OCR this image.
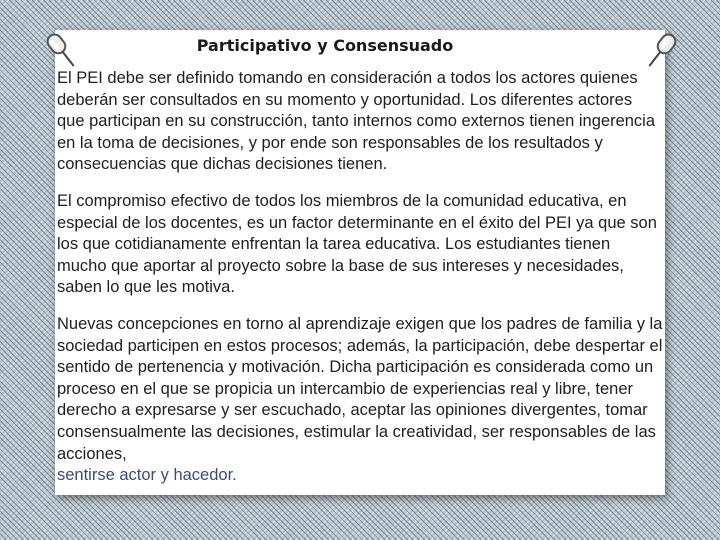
Participativo y Consensuado

El PEI debe ser definido tomando en consideración a todos los actores quienes deberán ser consultados en su momento y oportunidad. Los diferentes actores que participan en su construcción, tanto internos como externos tienen ingerencia en la toma de decisiones, y por ende son responsables de los resultados y consecuencias que dichas decisiones tienen.

El compromiso efectivo de todos los miembros de la comunidad educativa, en especial de los docentes, es un factor determinante en el éxito del PEI ya que son los que cotidianamente enfrentan la tarea educativa. Los estudiantes tienen mucho que aportar al proyecto sobre la base de sus intereses y necesidades, saben lo que les motiva.

Nuevas concepciones en torno al aprendizaje exigen que los padres de familia y la sociedad participen en estos procesos; además, la participación, debe despertar el sentido de pertenencia y motivación. Dicha participación es considerada como un proceso en el que se propicia un intercambio de experiencias real y libre, tener derecho a expresarse y ser escuchado, aceptar las opiniones divergentes, tomar consensualmente las decisiones, estimular la creatividad, ser responsables de las acciones,

sentirse actor y hacedor.
